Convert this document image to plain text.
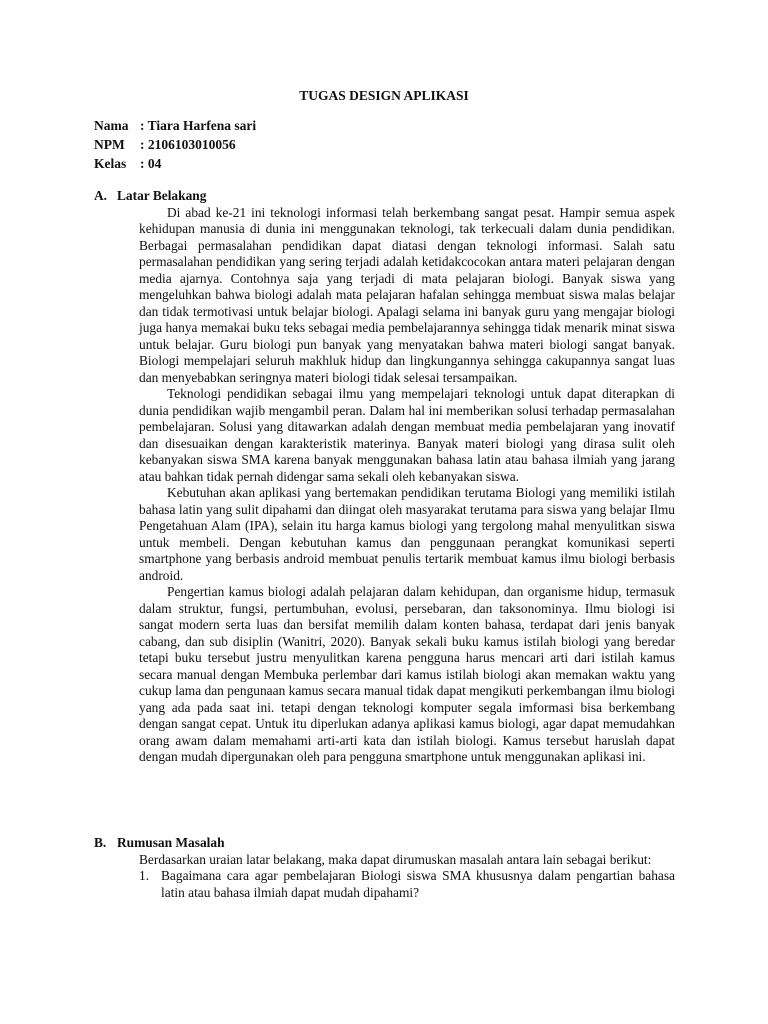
TUGAS DESIGN APLIKASI
Nama : Tiara Harfena sari
NPM	: 2106103010056
Kelas	: 04
A. Latar Belakang

Di abad ke-21 ini teknologi informasi telah berkembang sangat pesat. Hampir semua aspek kehidupan manusia di dunia ini menggunakan teknologi, tak terkecuali dalam dunia pendidikan. Berbagai permasalahan pendidikan dapat diatasi dengan teknologi informasi. Salah satu permasalahan pendidikan yang sering terjadi adalah ketidakcocokan antara materi pelajaran dengan media ajarnya. Contohnya saja yang terjadi di mata pelajaran biologi. Banyak siswa yang mengeluhkan bahwa biologi adalah mata pelajaran hafalan sehingga membuat siswa malas belajar dan tidak termotivasi untuk belajar biologi. Apalagi selama ini banyak guru yang mengajar biologi juga hanya memakai buku teks sebagai media pembelajarannya sehingga tidak menarik minat siswa untuk belajar. Guru biologi pun banyak yang menyatakan bahwa materi biologi sangat banyak. Biologi mempelajari seluruh makhluk hidup dan lingkungannya sehingga cakupannya sangat luas dan menyebabkan seringnya materi biologi tidak selesai tersampaikan.

Teknologi pendidikan sebagai ilmu yang mempelajari teknologi untuk dapat diterapkan di dunia pendidikan wajib mengambil peran. Dalam hal ini memberikan solusi terhadap permasalahan pembelajaran. Solusi yang ditawarkan adalah dengan membuat media pembelajaran yang inovatif dan disesuaikan dengan karakteristik materinya. Banyak materi biologi yang dirasa sulit oleh kebanyakan siswa SMA karena banyak menggunakan bahasa latin atau bahasa ilmiah yang jarang atau bahkan tidak pernah didengar sama sekali oleh kebanyakan siswa.

Kebutuhan akan aplikasi yang bertemakan pendidikan terutama Biologi yang memiliki istilah bahasa latin yang sulit dipahami dan diingat oleh masyarakat terutama para siswa yang belajar Ilmu Pengetahuan Alam (IPA), selain itu harga kamus biologi yang tergolong mahal menyulitkan siswa untuk membeli. Dengan kebutuhan kamus dan penggunaan perangkat komunikasi seperti smartphone yang berbasis android membuat penulis tertarik membuat kamus ilmu biologi berbasis android.

Pengertian kamus biologi adalah pelajaran dalam kehidupan, dan organisme hidup, termasuk dalam struktur, fungsi, pertumbuhan, evolusi, persebaran, dan taksonominya. Ilmu biologi isi sangat modern serta luas dan bersifat memilih dalam konten bahasa, terdapat dari jenis banyak cabang, dan sub disiplin (Wanitri, 2020). Banyak sekali buku kamus istilah biologi yang beredar tetapi buku tersebut justru menyulitkan karena pengguna harus mencari arti dari istilah kamus secara manual dengan Membuka perlembar dari kamus istilah biologi akan memakan waktu yang cukup lama dan pengunaan kamus secara manual tidak dapat mengikuti perkembangan ilmu biologi yang ada pada saat ini. tetapi dengan teknologi komputer segala imformasi bisa berkembang dengan sangat cepat. Untuk itu diperlukan adanya aplikasi kamus biologi, agar dapat memudahkan orang awam dalam memahami arti-arti kata dan istilah biologi. Kamus tersebut haruslah dapat dengan mudah dipergunakan oleh para pengguna smartphone untuk menggunakan aplikasi ini.

B. Rumusan Masalah

Berdasarkan uraian latar belakang, maka dapat dirumuskan masalah antara lain sebagai berikut:

1. Bagaimana cara agar pembelajaran Biologi siswa SMA khususnya dalam pengartian bahasa latin atau bahasa ilmiah dapat mudah dipahami?
